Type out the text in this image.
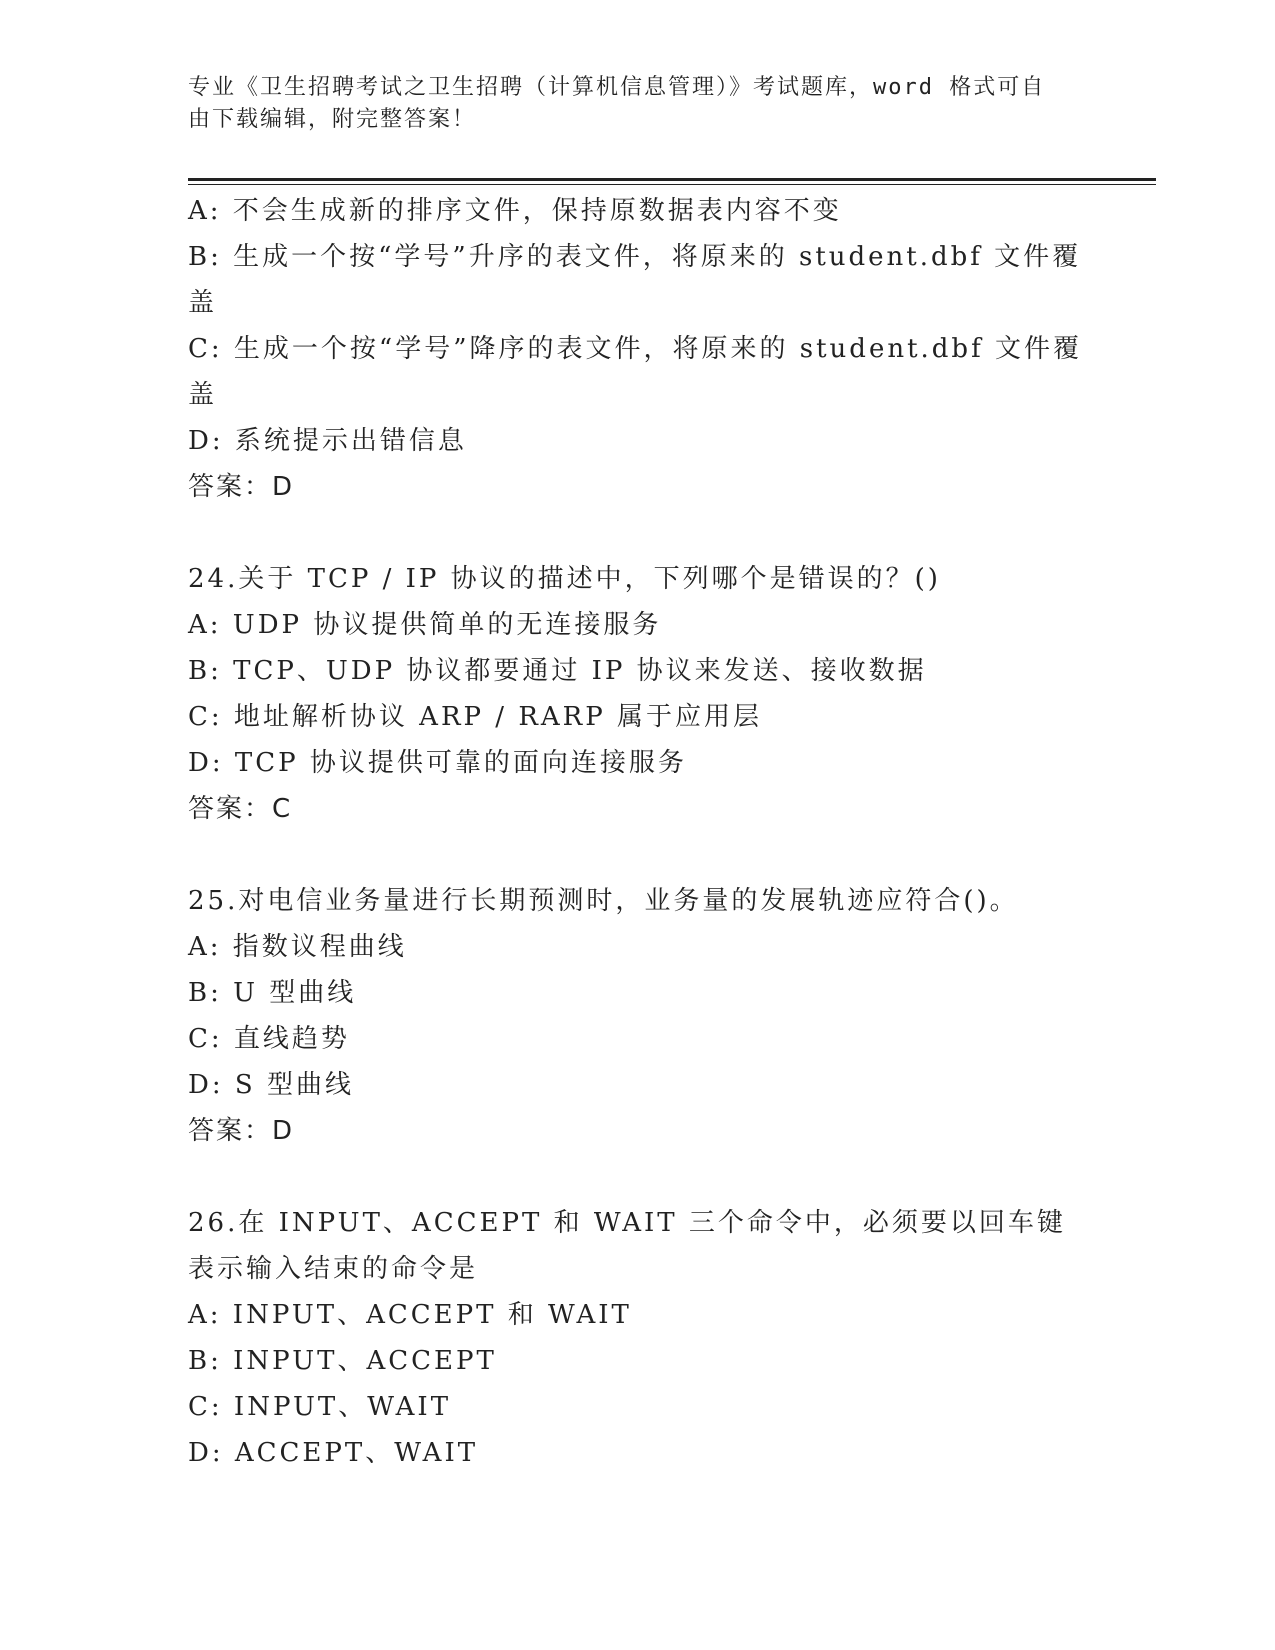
专业《卫生招聘考试之卫生招聘（计算机信息管理）》考试题库，word 格式可自由下载编辑，附完整答案！
A: 不会生成新的排序文件，保持原数据表内容不变
B: 生成一个按“学号”升序的表文件，将原来的 student.dbf 文件覆盖
C: 生成一个按“学号”降序的表文件，将原来的 student.dbf 文件覆盖
D: 系统提示出错信息
答案：D
24.关于 TCP / IP 协议的描述中，下列哪个是错误的？()
A: UDP 协议提供简单的无连接服务
B: TCP、UDP 协议都要通过 IP 协议来发送、接收数据
C: 地址解析协议 ARP / RARP 属于应用层
D: TCP 协议提供可靠的面向连接服务
答案：C
25.对电信业务量进行长期预测时，业务量的发展轨迹应符合()。
A: 指数议程曲线
B: U 型曲线
C: 直线趋势
D: S 型曲线
答案：D
26.在 INPUT、ACCEPT 和 WAIT 三个命令中，必须要以回车键表示输入结束的命令是
A: INPUT、ACCEPT 和 WAIT
B: INPUT、ACCEPT
C: INPUT、WAIT
D: ACCEPT、WAIT
